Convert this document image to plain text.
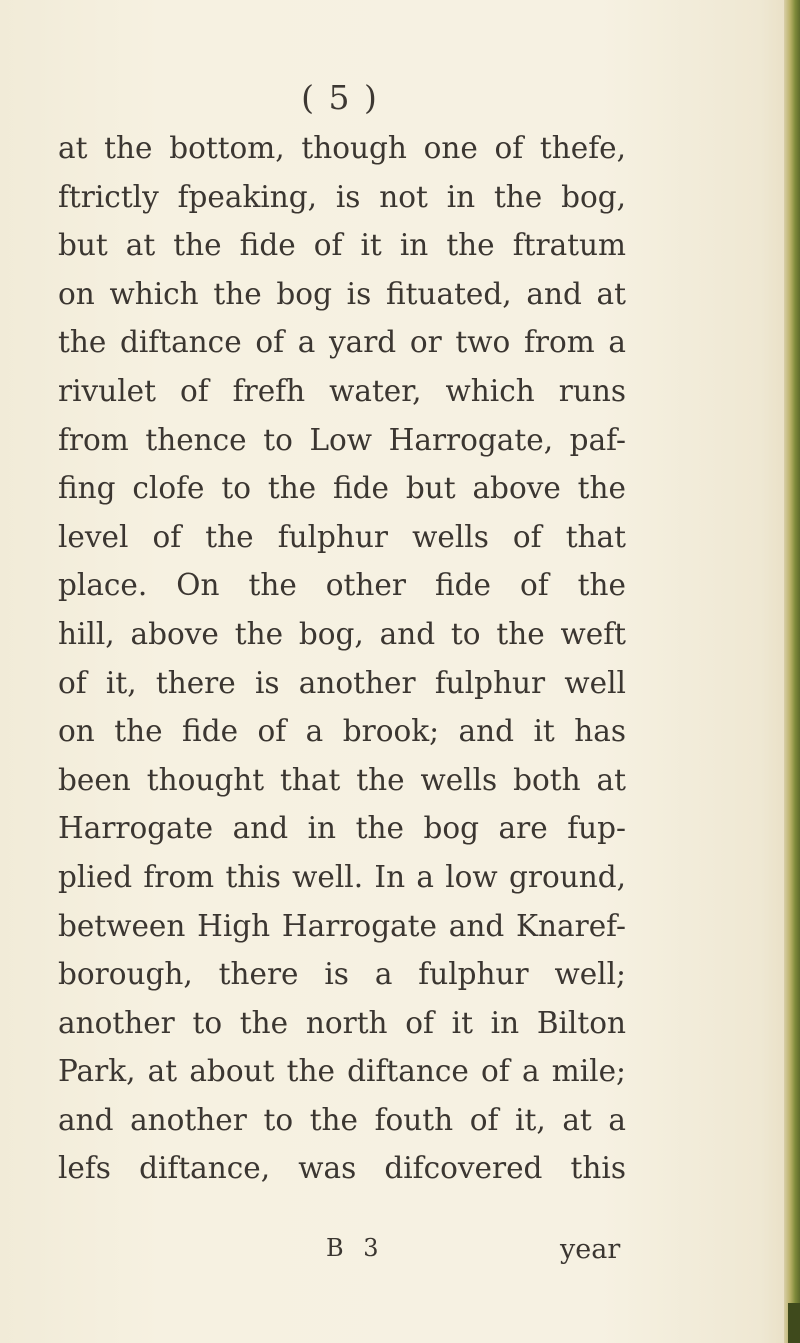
( 5 )
at the bottom, though one of thefe,
ftrictly fpeaking, is not in the bog,
but at the fide of it in the ftratum
on which the bog is fituated, and at
the diftance of a yard or two from a
rivulet of frefh water, which runs
from thence to Low Harrogate, paf-
fing clofe to the fide but above the
level of the fulphur wells of that
place. On the other fide of the
hill, above the bog, and to the weft
of it, there is another fulphur well
on the fide of a brook; and it has
been thought that the wells both at
Harrogate and in the bog are fup-
plied from this well. In a low ground,
between High Harrogate and Knaref-
borough, there is a fulphur well;
another to the north of it in Bilton
Park, at about the diftance of a mile;
and another to the fouth of it, at a
lefs diftance, was difcovered this
B 3	year
